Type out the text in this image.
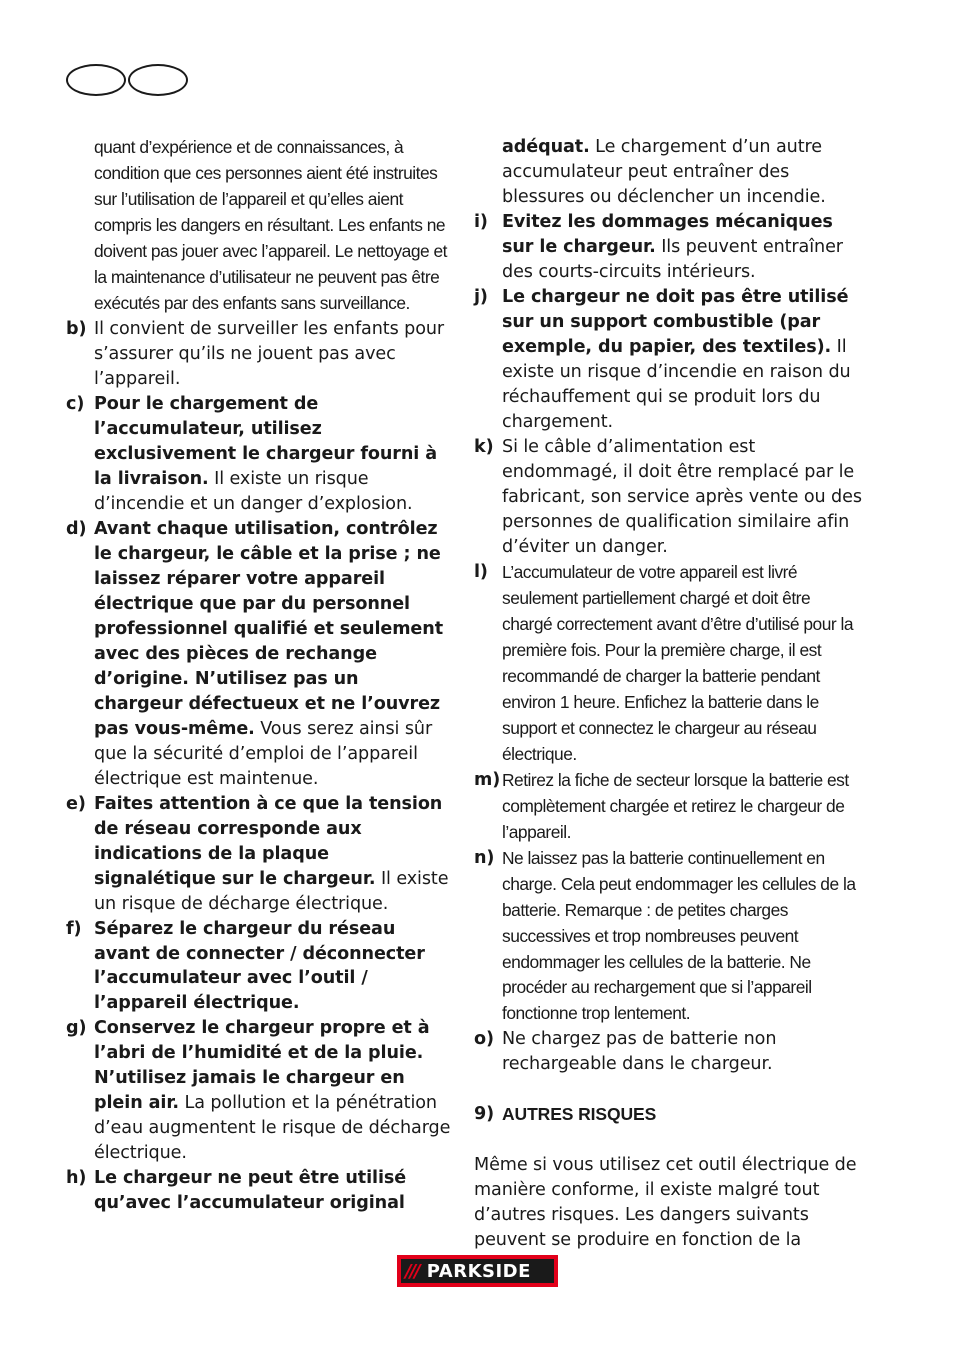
quant d’expérience et de connaissances, à condition que ces personnes aient été instruites sur l’utilisation de l’appareil et qu’elles aient compris les dangers en résultant. Les enfants ne doivent pas jouer avec l’appareil. Le nettoyage et la maintenance d’utilisateur ne peuvent pas être exécutés par des enfants sans surveillance.
b) Il convient de surveiller les enfants pour s’assurer qu’ils ne jouent pas avec l’appareil.
c) Pour le chargement de l’accumulateur, utilisez exclusivement le chargeur fourni à la livraison. Il existe un risque d’incendie et un danger d’explosion.
d) Avant chaque utilisation, contrôlez le chargeur, le câble et la prise ; ne laissez réparer votre appareil électrique que par du personnel professionnel qualifié et seulement avec des pièces de rechange d’origine. N’utilisez pas un chargeur défectueux et ne l’ouvrez pas vous-même. Vous serez ainsi sûr que la sécurité d’emploi de l’appareil électrique est maintenue.
e) Faites attention à ce que la tension de réseau corresponde aux indications de la plaque signalétique sur le chargeur. Il existe un risque de décharge électrique.
f) Séparez le chargeur du réseau avant de connecter / déconnecter l’accumulateur avec l’outil / l’appareil électrique.
g) Conservez le chargeur propre et à l’abri de l’humidité et de la pluie. N’utilisez jamais le chargeur en plein air. La pollution et la pénétration d’eau augmentent le risque de décharge électrique.
h) Le chargeur ne peut être utilisé qu’avec l’accumulateur original
adéquat. Le chargement d’un autre accumulateur peut entraîner des blessures ou déclencher un incendie.
i) Evitez les dommages mécaniques sur le chargeur. Ils peuvent entraîner des courts-circuits intérieurs.
j) Le chargeur ne doit pas être utilisé sur un support combustible (par exemple, du papier, des textiles). Il existe un risque d’incendie en raison du réchauffement qui se produit lors du chargement.
k) Si le câble d’alimentation est endommagé, il doit être remplacé par le fabricant, son service après vente ou des personnes de qualification similaire afin d’éviter un danger.
l) L’accumulateur de votre appareil est livré seulement partiellement chargé et doit être chargé correctement avant d’être d’utilisé pour la première fois. Pour la première charge, il est recommandé de charger la batterie pendant environ 1 heure. Enfichez la batterie dans le support et connectez le chargeur au réseau électrique.
m) Retirez la fiche de secteur lorsque la batterie est complètement chargée et retirez le chargeur de l’appareil.
n) Ne laissez pas la batterie continuellement en charge. Cela peut endommager les cellules de la batterie. Remarque : de petites charges successives et trop nombreuses peuvent endommager les cellules de la batterie. Ne procéder au rechargement que si l’appareil fonctionne trop lentement.
o) Ne chargez pas de batterie non rechargeable dans le chargeur.
9) AUTRES RISQUES
Même si vous utilisez cet outil électrique de manière conforme, il existe malgré tout d’autres risques. Les dangers suivants peuvent se produire en fonction de la
/// PARKSIDE
